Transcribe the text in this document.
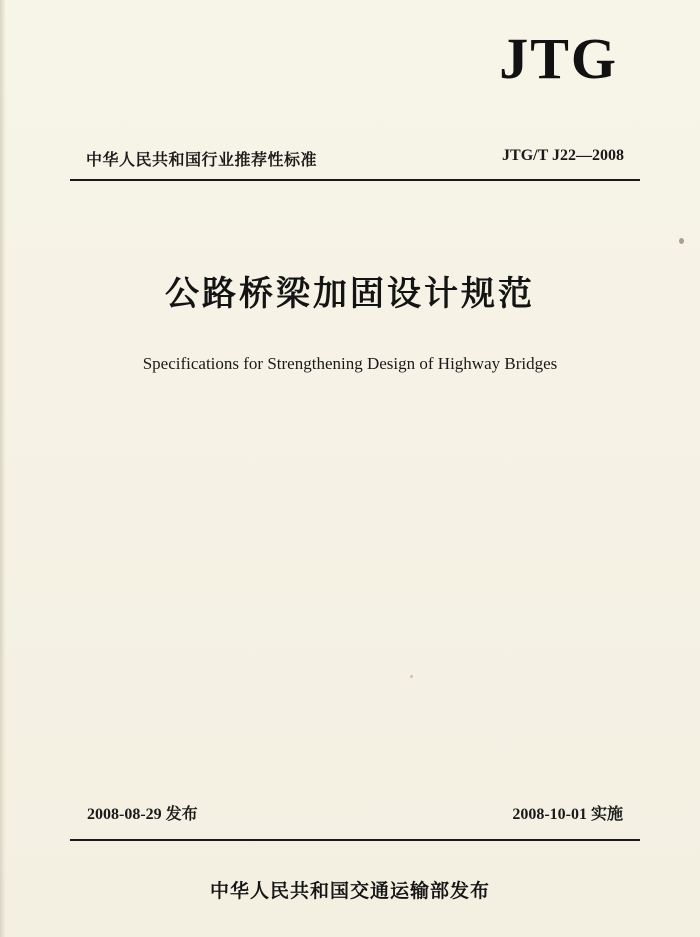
JTG
中华人民共和国行业推荐性标准	JTG/T J22—2008
公路桥梁加固设计规范
Specifications for Strengthening Design of Highway Bridges
2008-08-29 发布	2008-10-01 实施
中华人民共和国交通运输部发布
